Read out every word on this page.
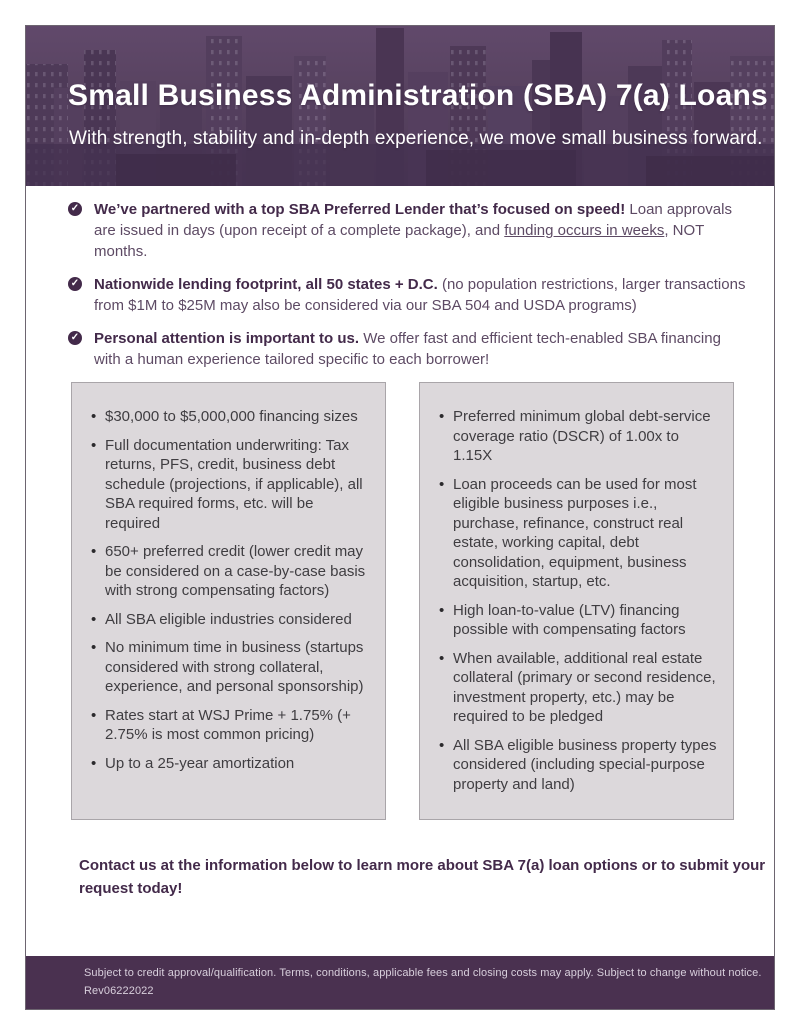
Small Business Administration (SBA) 7(a) Loans

With strength, stability and in-depth experience, we move small business forward.

✓ We’ve partnered with a top SBA Preferred Lender that’s focused on speed! Loan approvals are issued in days (upon receipt of a complete package), and funding occurs in weeks, NOT months.
✓ Nationwide lending footprint, all 50 states + D.C. (no population restrictions, larger transactions from $1M to $25M may also be considered via our SBA 504 and USDA programs)
✓ Personal attention is important to us. We offer fast and efficient tech-enabled SBA financing with a human experience tailored specific to each borrower!
• $30,000 to $5,000,000 financing sizes
• Full documentation underwriting: Tax returns, PFS, credit, business debt schedule (projections, if applicable), all SBA required forms, etc. will be required
• 650+ preferred credit (lower credit may be considered on a case-by-case basis with strong compensating factors)
• All SBA eligible industries considered
• No minimum time in business (startups considered with strong collateral, experience, and personal sponsorship)
• Rates start at WSJ Prime + 1.75% (+ 2.75% is most common pricing)
• Up to a 25-year amortization
• Preferred minimum global debt-service coverage ratio (DSCR) of 1.00x to 1.15X
• Loan proceeds can be used for most eligible business purposes i.e., purchase, refinance, construct real estate, working capital, debt consolidation, equipment, business acquisition, startup, etc.
• High loan-to-value (LTV) financing possible with compensating factors
• When available, additional real estate collateral (primary or second residence, investment property, etc.) may be required to be pledged
• All SBA eligible business property types considered (including special-purpose property and land)

Contact us at the information below to learn more about SBA 7(a) loan options or to submit your request today!

Subject to credit approval/qualification. Terms, conditions, applicable fees and closing costs may apply. Subject to change without notice.
Rev06222022
